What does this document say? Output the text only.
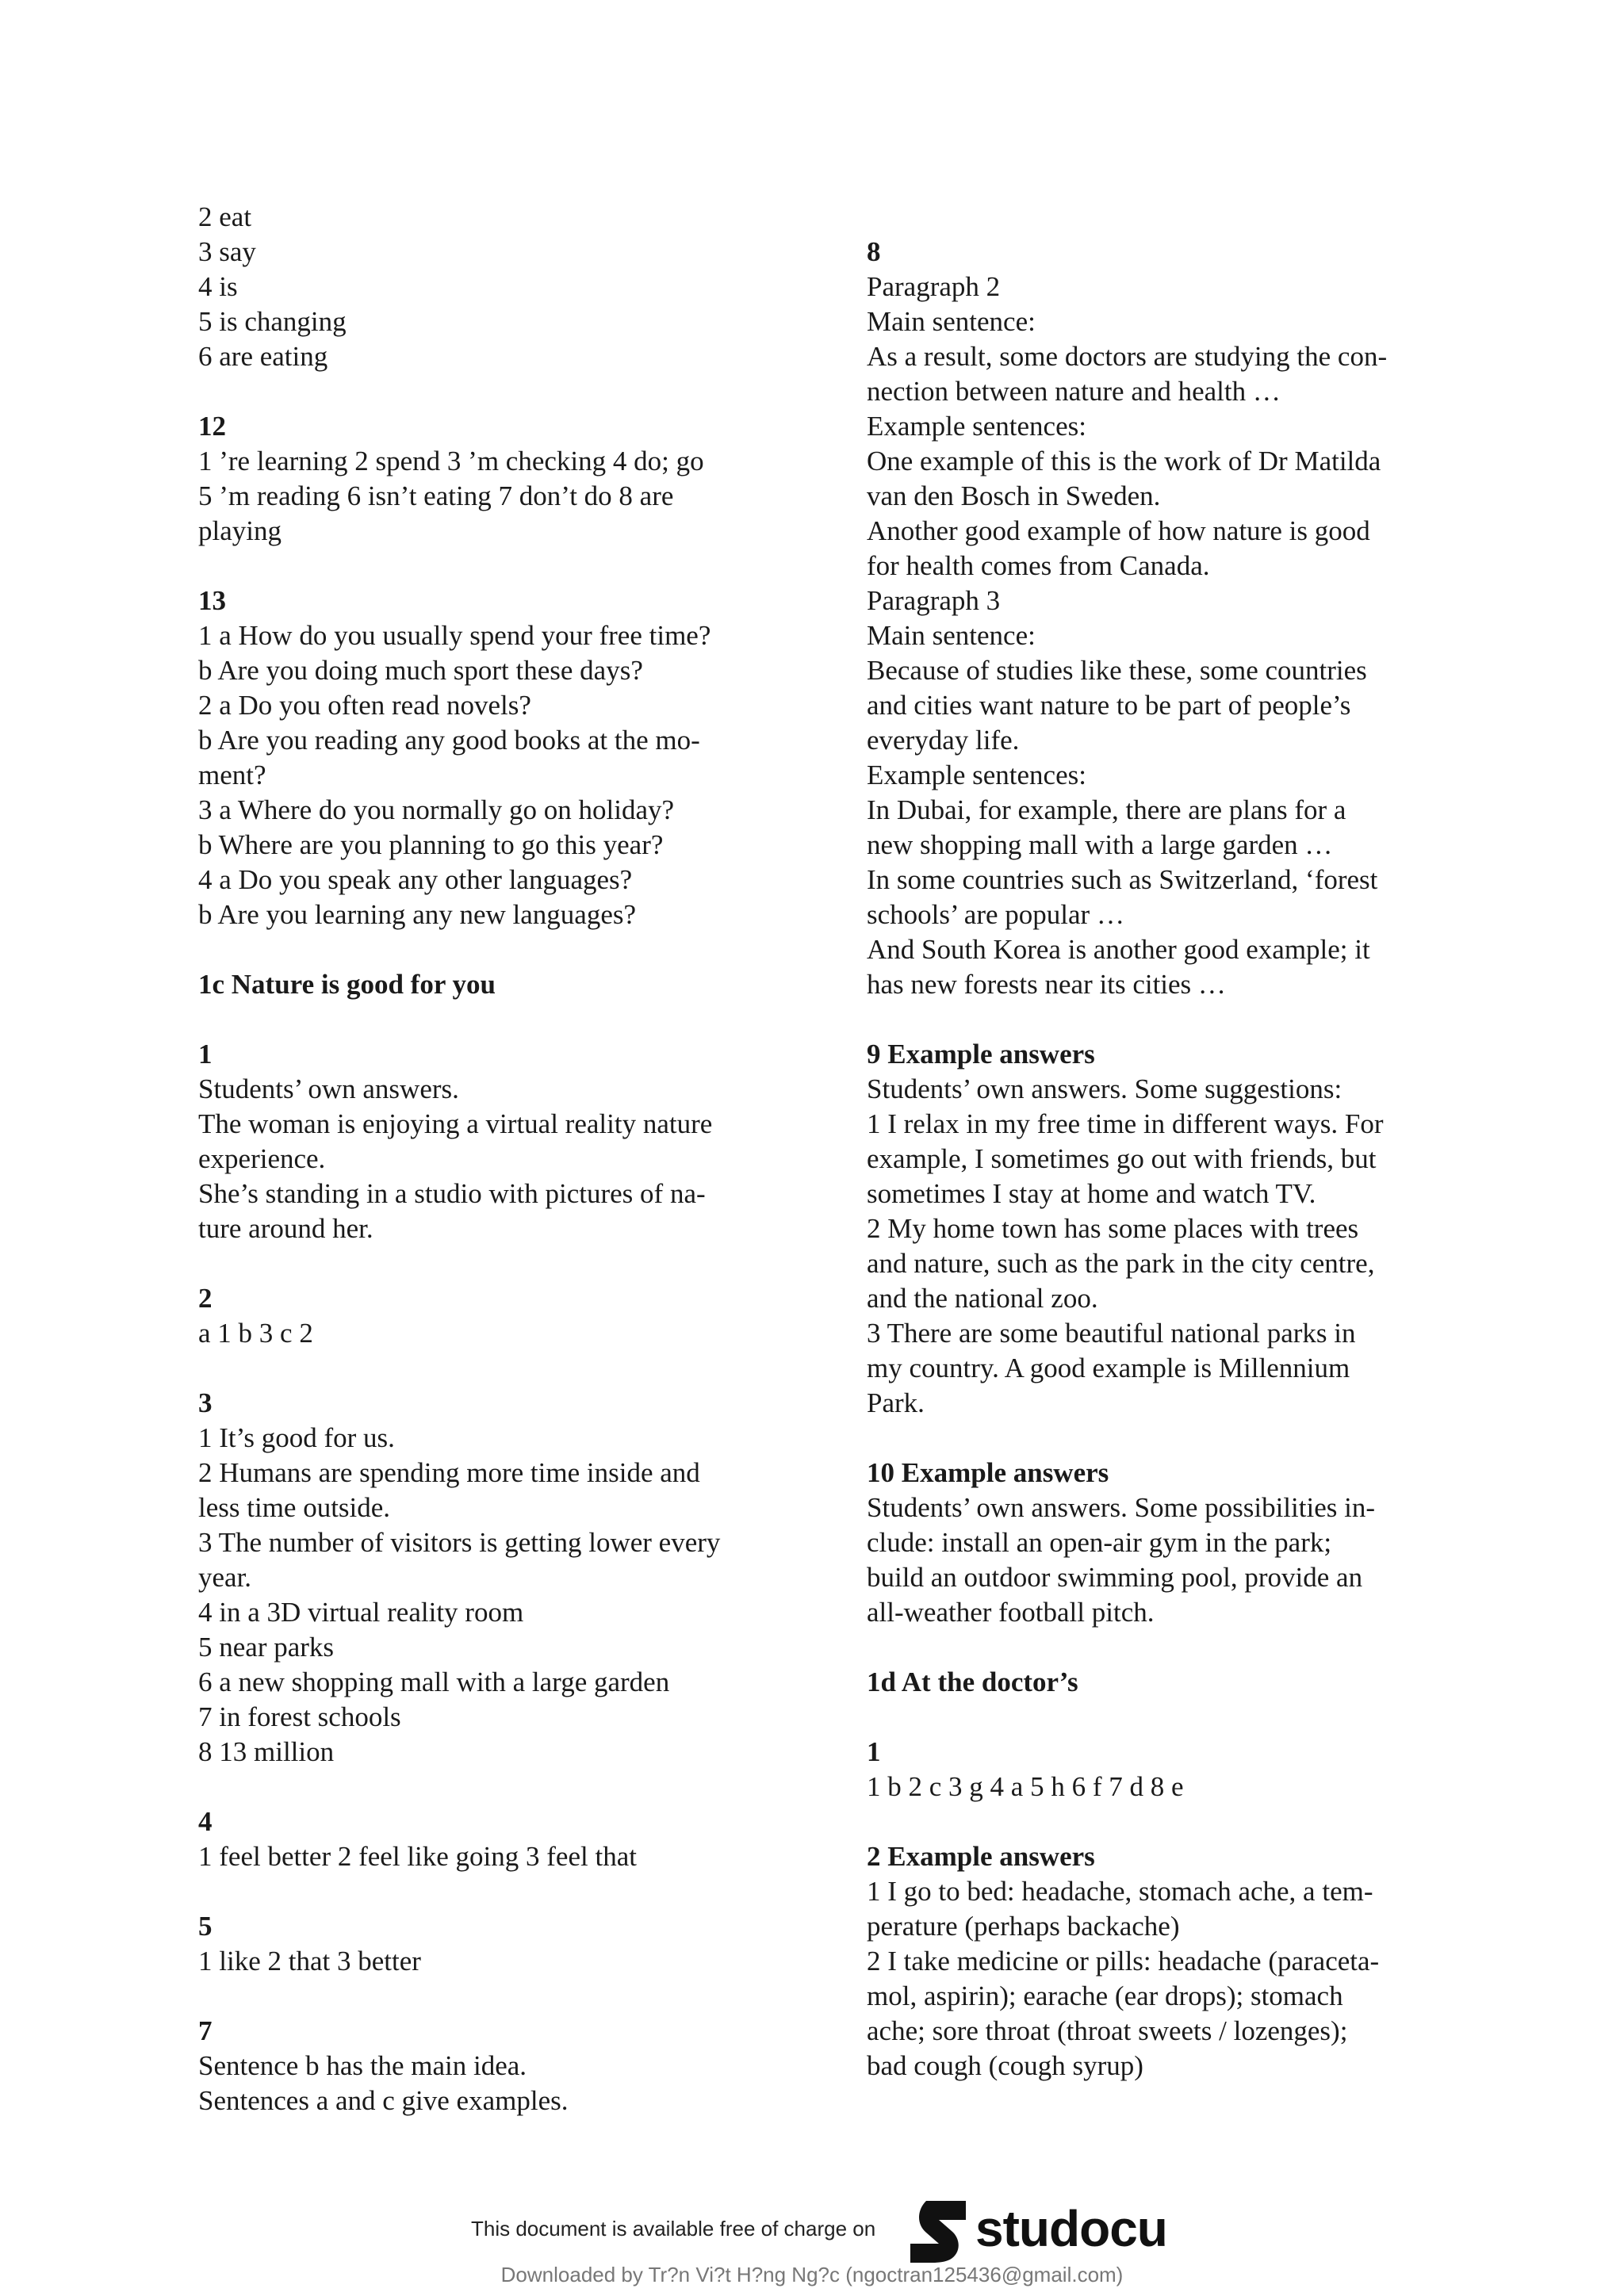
2 eat
3 say
4 is
5 is changing
6 are eating
12
1 ’re learning 2 spend 3 ’m checking 4 do; go
5 ’m reading 6 isn’t eating 7 don’t do 8 are
playing
13
1 a How do you usually spend your free time?
b Are you doing much sport these days?
2 a Do you often read novels?
b Are you reading any good books at the mo-
ment?
3 a Where do you normally go on holiday?
b Where are you planning to go this year?
4 a Do you speak any other languages?
b Are you learning any new languages?
1c Nature is good for you
1
Students’ own answers.
The woman is enjoying a virtual reality nature
experience.
She’s standing in a studio with pictures of na-
ture around her.
2
a 1 b 3 c 2
3
1 It’s good for us.
2 Humans are spending more time inside and
less time outside.
3 The number of visitors is getting lower every
year.
4 in a 3D virtual reality room
5 near parks
6 a new shopping mall with a large garden
7 in forest schools
8 13 million
4
1 feel better 2 feel like going 3 feel that
5
1 like 2 that 3 better
7
Sentence b has the main idea.
Sentences a and c give examples.
8
Paragraph 2
Main sentence:
As a result, some doctors are studying the con-
nection between nature and health …
Example sentences:
One example of this is the work of Dr Matilda
van den Bosch in Sweden.
Another good example of how nature is good
for health comes from Canada.
Paragraph 3
Main sentence:
Because of studies like these, some countries
and cities want nature to be part of people’s
everyday life.
Example sentences:
In Dubai, for example, there are plans for a
new shopping mall with a large garden …
In some countries such as Switzerland, ‘forest
schools’ are popular …
And South Korea is another good example; it
has new forests near its cities …
9 Example answers
Students’ own answers. Some suggestions:
1 I relax in my free time in different ways. For
example, I sometimes go out with friends, but
sometimes I stay at home and watch TV.
2 My home town has some places with trees
and nature, such as the park in the city centre,
and the national zoo.
3 There are some beautiful national parks in
my country. A good example is Millennium
Park.
10 Example answers
Students’ own answers. Some possibilities in-
clude: install an open-air gym in the park;
build an outdoor swimming pool, provide an
all-weather football pitch.
1d At the doctor’s
1
1 b 2 c 3 g 4 a 5 h 6 f 7 d 8 e
2 Example answers
1 I go to bed: headache, stomach ache, a tem-
perature (perhaps backache)
2 I take medicine or pills: headache (paraceta-
mol, aspirin); earache (ear drops); stomach
ache; sore throat (throat sweets / lozenges);
bad cough (cough syrup)
This document is available free of charge on studocu
Downloaded by Tr?n Vi?t H?ng Ng?c (ngoctran125436@gmail.com)
